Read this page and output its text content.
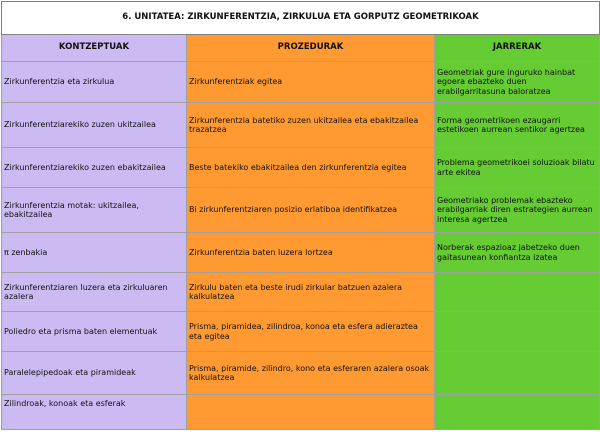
6. UNITATEA: ZIRKUNFERENTZIA, ZIRKULUA ETA GORPUTZ GEOMETRIKOAK		
KONTZEPTUAK	PROZEDURAK	JARRERAK
Zirkunferentzia eta zirkulua	Zirkunferentziak egitea	Geometriak gure inguruko hainbat egoera ebazteko duen erabilgarritasuna baloratzea
Zirkunferentziarekiko zuzen ukitzailea	Zirkunferentzia batetiko zuzen ukitzailea eta ebakitzailea trazatzea	Forma geometrikoen ezaugarri estetikoen aurrean sentikor agertzea
Zirkunferentziarekiko zuzen ebakitzailea	Beste batekiko ebakitzailea den zirkunferentzia egitea	Problema geometrikoei soluzioak bilatu arte ekitea
Zirkunferentzia motak: ukitzailea, ebakitzailea	Bi zirkunferentziaren posizio erlatiboa identifikatzea	Geometriako problemak ebazteko erabilgarriak diren estrategien aurrean interesa agertzea
π zenbakia	Zirkunferentzia baten luzera lortzea	Norberak espazioaz jabetzeko duen gaitasunean konfiantza izatea
Zirkunferentziaren luzera eta zirkuluaren azalera	Zirkulu baten eta beste irudi zirkular batzuen azalera kalkulatzea	
Poliedro eta prisma baten elementuak	Prisma, piramidea, zilindroa, konoa eta esfera adieraztea eta egitea	
Paralelepipedoak eta piramideak	Prisma, piramide, zilindro, kono eta esferaren azalera osoak kalkulatzea	
Zilindroak, konoak eta esferak		
